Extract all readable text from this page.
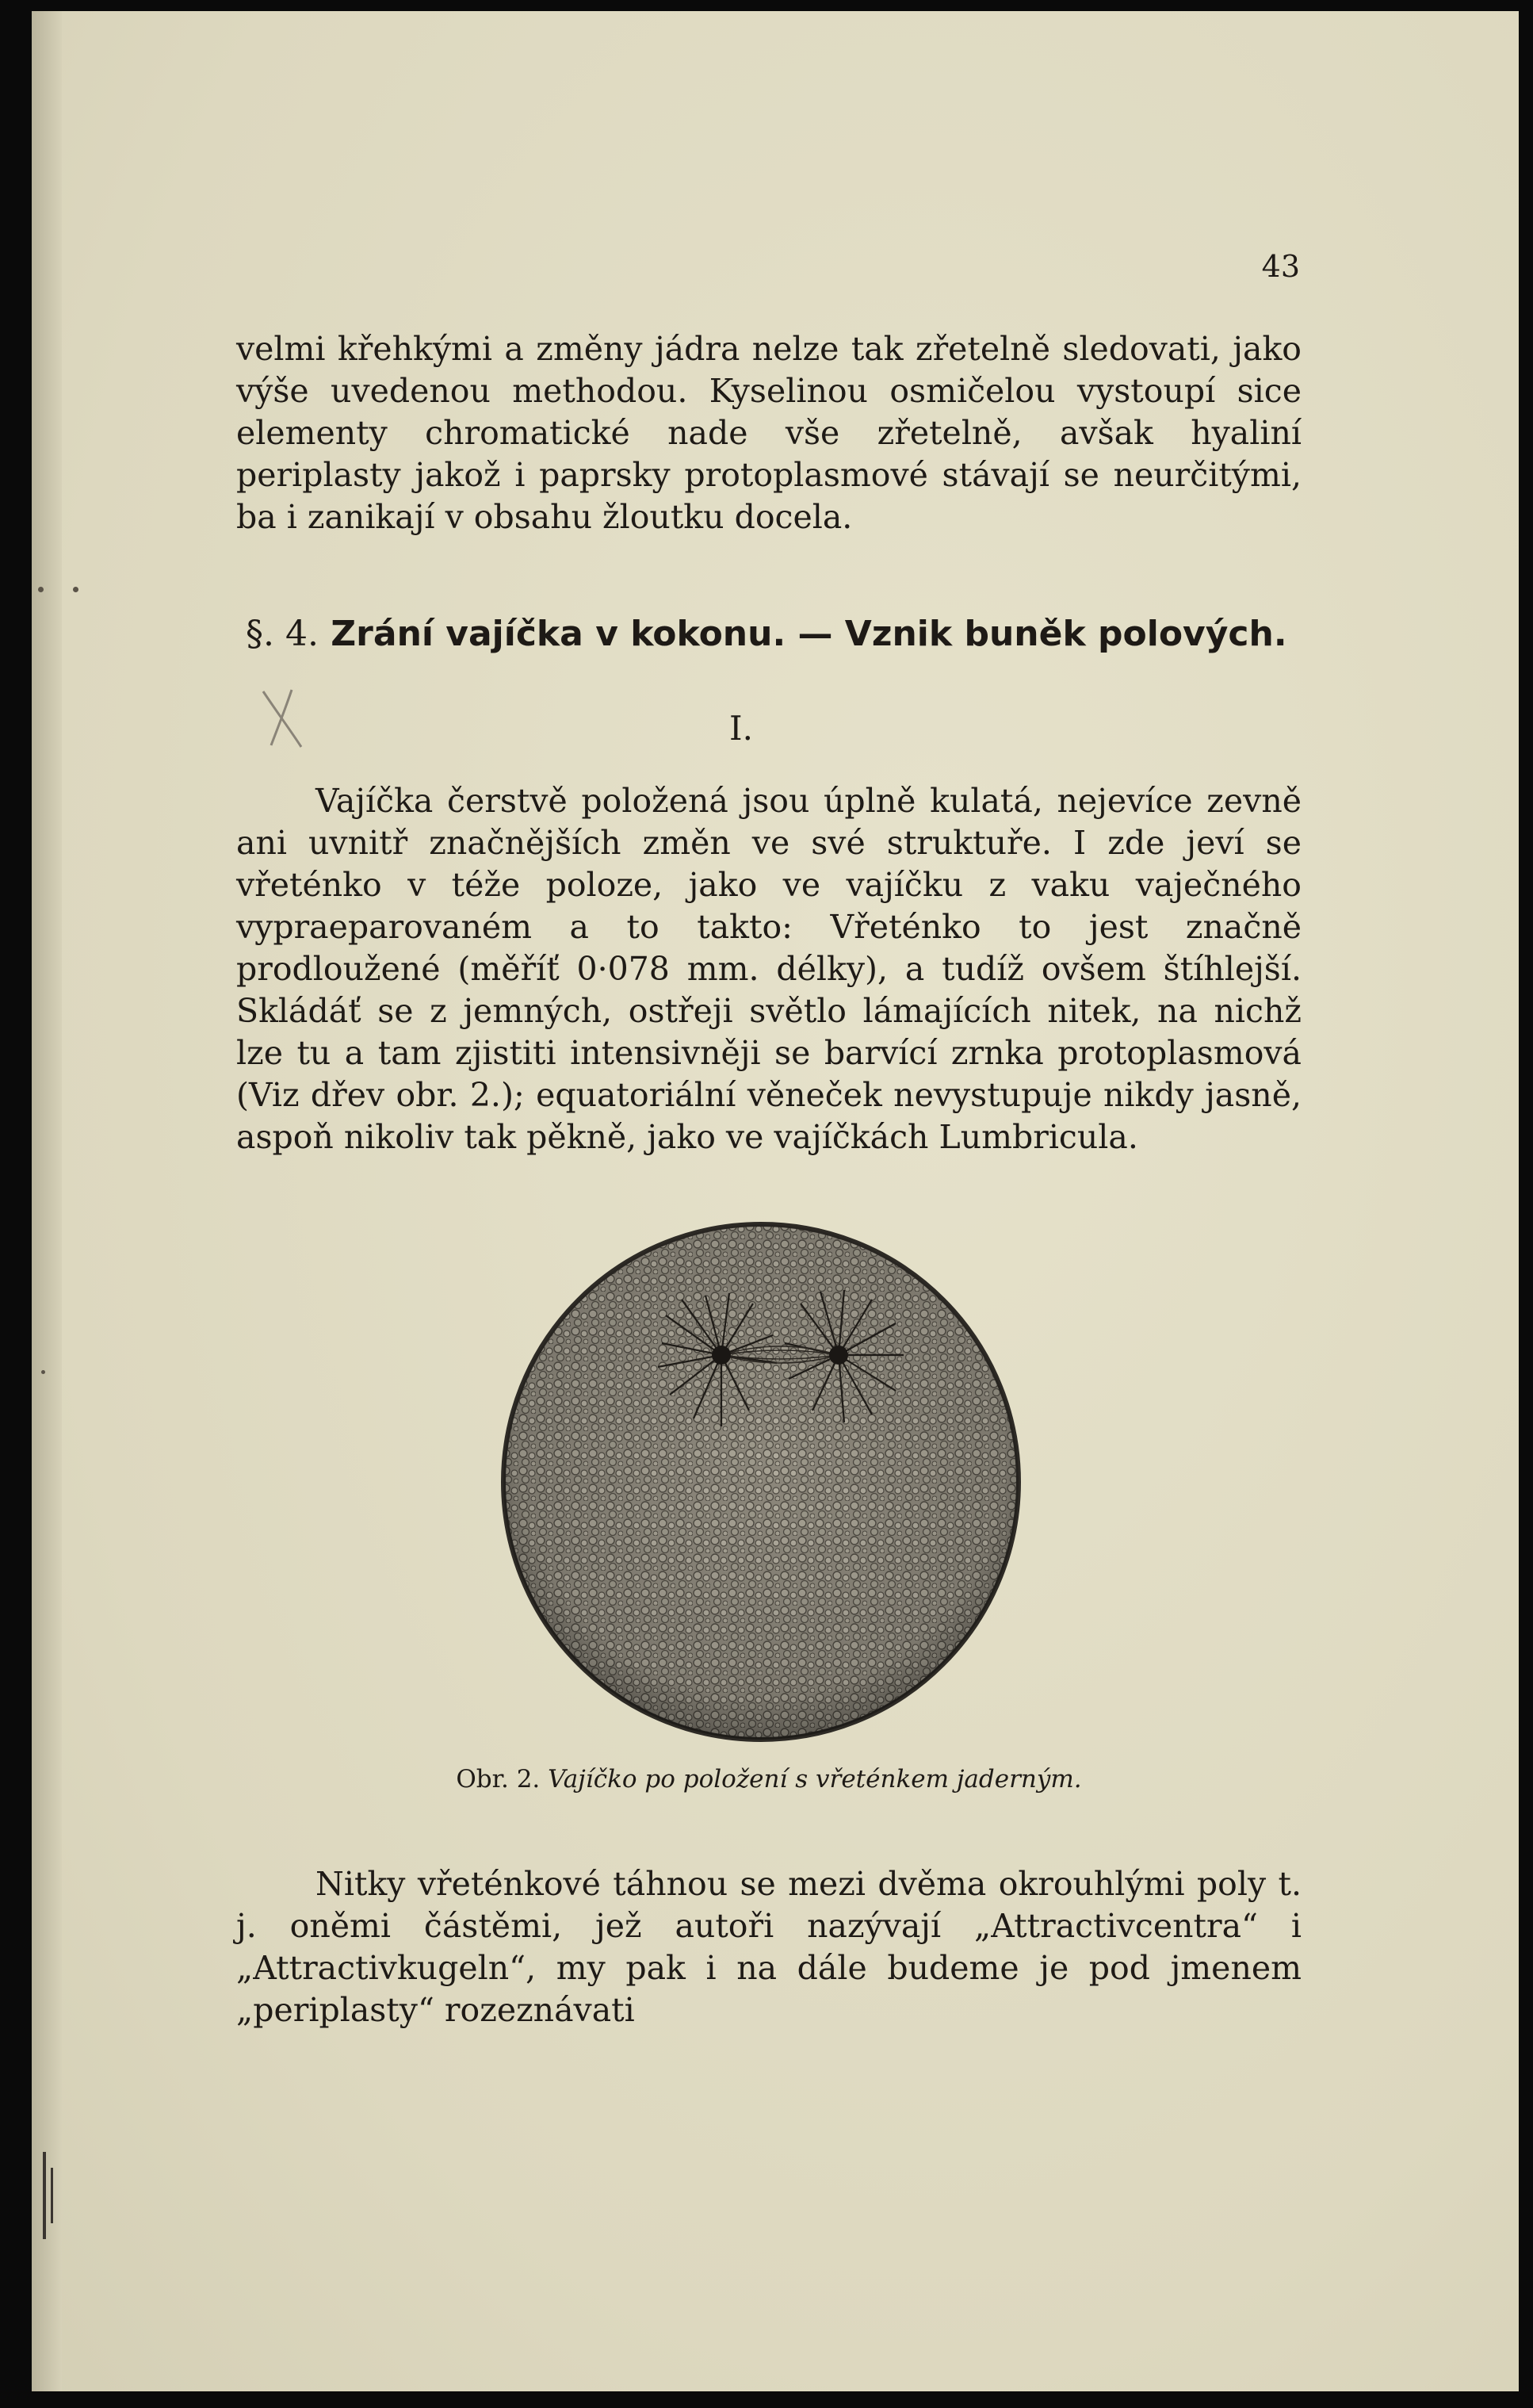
43

velmi křehkými a změny jádra nelze tak zřetelně sledovati, jako výše uvedenou methodou. Kyselinou osmičelou vystoupí sice elementy chromatické nade vše zřetelně, avšak hyaliní periplasty jakož i paprsky protoplasmové stávají se neurčitými, ba i zanikají v obsahu žloutku docela.

§. 4. Zrání vajíčka v kokonu. — Vznik buněk polových.
I.

Vajíčka čerstvě položená jsou úplně kulatá, nejevíce zevně ani uvnitř značnějších změn ve své struktuře. I zde jeví se vřeténko v téže poloze, jako ve vajíčku z vaku vaječného vypraeparovaném a to takto: Vřeténko to jest značně prodloužené (měříť 0·078 mm. délky), a tudíž ovšem štíhlejší. Skládáť se z jemných, ostřeji světlo lámajících nitek, na nichž lze tu a tam zjistiti intensivněji se barvící zrnka protoplasmová (Viz dřev obr. 2.); equatoriální věneček nevystupuje nikdy jasně, aspoň nikoliv tak pěkně, jako ve vajíčkách Lumbricula.

Obr. 2. Vajíčko po položení s vřeténkem jaderným.

Nitky vřeténkové táhnou se mezi dvěma okrouhlými poly t. j. oněmi částěmi, jež autoři nazývají „Attractivcentra“ i „Attractivkugeln“, my pak i na dále budeme je pod jmenem „periplasty“ rozeznávati
